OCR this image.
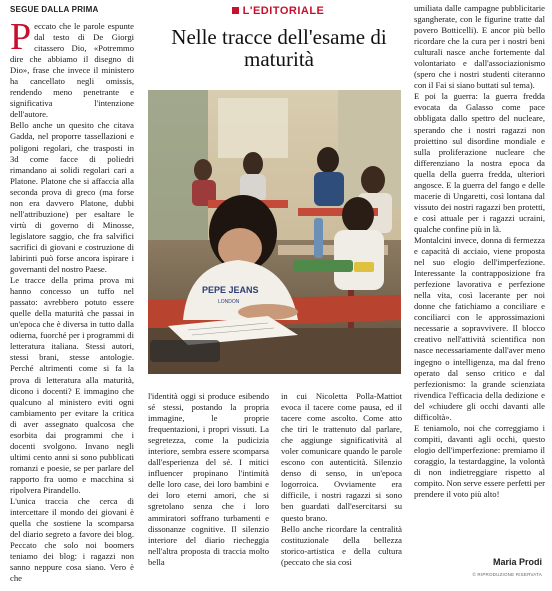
SEGUE DALLA PRIMA

Peccato che le parole espunte dal testo di De Giorgi citassero Dio, «Potremmo dire che abbiamo il disegno di Dio», frase che invece il ministero ha cancellato negli omissis, rendendo meno penetrante e significativa l'intenzione dell'autore.

Bello anche un quesito che citava Gadda, nel proporre tassellazioni e poligoni regolari, che trasposti in 3d come facce di poliedri rimandano ai solidi regolari cari a Platone. Platone che si affaccia alla seconda prova di greco (ma forse non era davvero Platone, dubbi nell'attribuzione) per esaltare le virtù di governo di Minosse, legislatore saggio, che fra salvifici sacrifici di giovani e costruzione di labirinti può forse ancora ispirare i governanti del nostro Paese.

Le tracce della prima prova mi hanno concesso un tuffo nel passato: avrebbero potuto essere quelle della maturità che passai in un'epoca che è diversa in tutto dalla odierna, fuorché per i programmi di letteratura italiana. Stessi autori, stessi brani, stesse antologie. Perché altrimenti come si fa la prova di letteratura alla maturità, dicono i docenti? E immagino che qualcuno al ministero eviti ogni cambiamento per evitare la critica di aver assegnato qualcosa che esorbita dai programmi che i docenti svolgono. Invano negli ultimi cento anni si sono pubblicati romanzi e poesie, se per parlare del rapporto fra uomo e macchina si ripolvera Pirandello.

L'unica traccia che cerca di intercettare il mondo dei giovani è quella che sostiene la scomparsa del diario segreto a favore dei blog. Peccato che solo noi boomers teniamo dei blog: i ragazzi non sanno neppure cosa siano. Vero è che

L'EDITORIALE
Nelle tracce dell'esame di maturità
PEPE JEANS
LONDON

l'identità oggi si produce esibendo sé stessi, postando la propria immagine, le proprie frequentazioni, i propri vissuti. La segretezza, come la pudicizia interiore, sembra essere scomparsa dall'esperienza del sé. I mitici influencer propinano l'intimità delle loro case, dei loro bambini e dei loro eterni amori, che si sgretolano senza che i loro ammiratori soffrano turbamenti e dissonanze cognitive. Il silenzio interiore del diario riecheggia nell'altra proposta di traccia molto bella

in cui Nicoletta Polla-Mattiot evoca il tacere come pausa, ed il tacere come ascolto. Come atto che tiri le trattenuto dal parlare, che aggiunge significatività al voler comunicare quando le parole escono con autenticità. Silenzio denso di senso, in un'epoca logorroica. Ovviamente era difficile, i nostri ragazzi si sono ben guardati dall'esercitarsi su questo brano.

Bello anche ricordare la centralità costituzionale della bellezza storico-artistica e della cultura (peccato che sia così

umiliata dalle campagne pubblicitarie sgangherate, con le figurine tratte dal povero Botticelli). E ancor più bello ricordare che la cura per i nostri beni culturali nasce anche fortemente dal volontariato e dall'associazionismo (spero che i nostri studenti citeranno con il Fai si siano buttati sul tema).

E poi la guerra: la guerra fredda evocata da Galasso come pace obbligata dallo spettro del nucleare, sperando che i nostri ragazzi non proiettino sul disordine mondiale e sulla proliferazione nucleare che differenziano la nostra epoca da quella della guerra fredda, ulteriori angosce. E la guerra del fango e delle macerie di Ungaretti, così lontana dal vissuto dei nostri ragazzi ben protetti, e così attuale per i ragazzi ucraini, qualche confine più in là.

Montalcini invece, donna di fermezza e capacità di acciaio, viene proposta nel suo elogio dell'imperfezione. Interessante la contrapposizione fra perfezione lavorativa e perfezione nella vita, così lacerante per noi donne che fatichiamo a conciliare e conciliarci con le approssimazioni necessarie a sopravvivere. Il blocco creativo nell'attività scientifica non nasce necessariamente dall'aver meno ingegno o intelligenza, ma dal freno operato dal senso critico e dal perfezionismo: la grande scienziata rivendica l'efficacia della dedizione e del «chiudere gli occhi davanti alle difficoltà».

E teniamolo, noi che correggiamo i compiti, davanti agli occhi, questo elogio dell'imperfezione: premiamo il coraggio, la testardaggine, la volontà di non indietreggiare rispetto al compito. Non serve essere perfetti per prendere il voto più alto!

Maria Prodi
© RIPRODUZIONE RISERVATA
